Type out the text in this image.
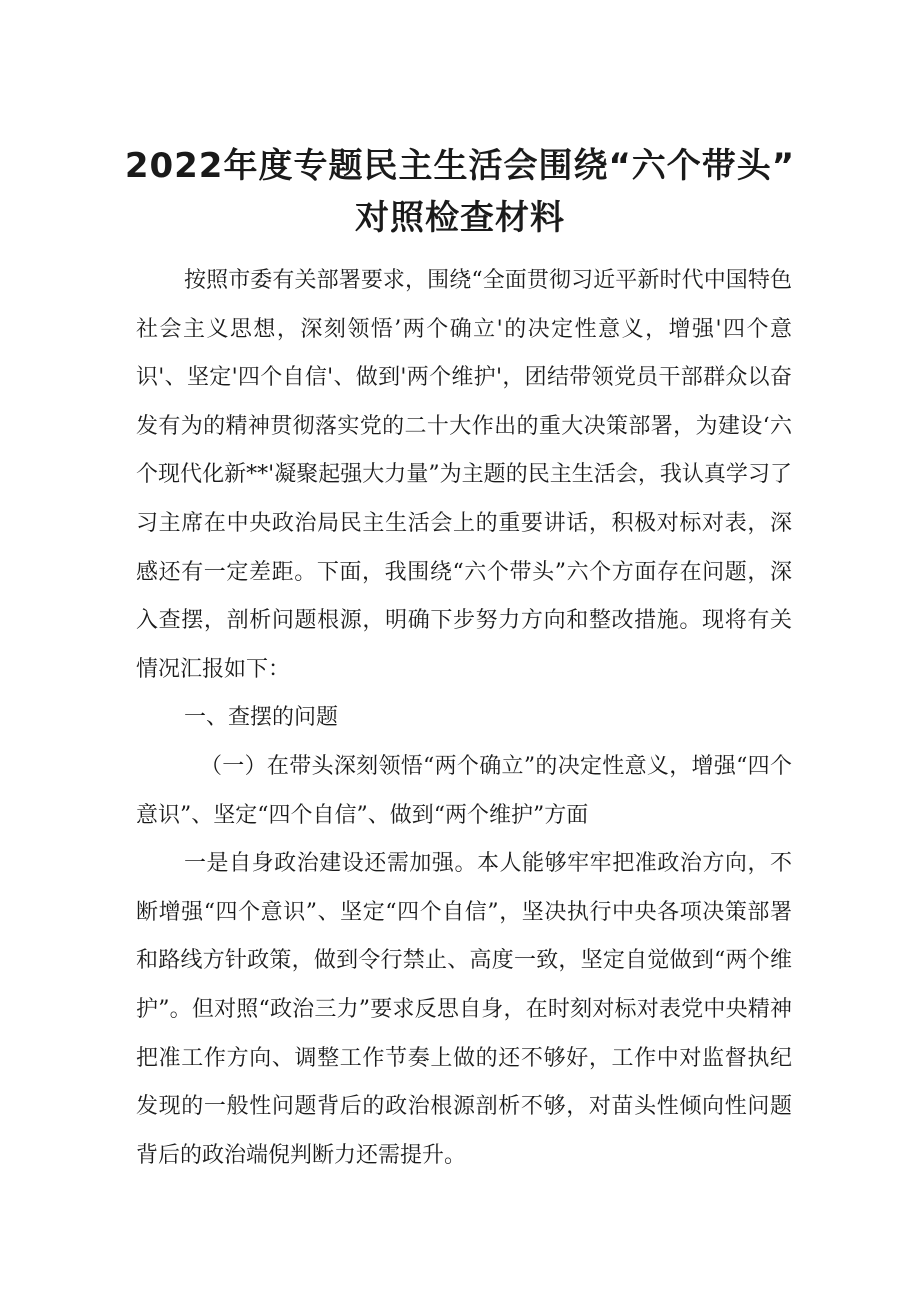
2022年度专题民主生活会围绕“六个带头”
对照检查材料

按照市委有关部署要求，围绕“全面贯彻习近平新时代中国特色社会主义思想，深刻领悟’两个确立'的决定性意义，增强'四个意识'、坚定'四个自信'、做到'两个维护'，团结带领党员干部群众以奋发有为的精神贯彻落实党的二十大作出的重大决策部署，为建设‘六个现代化新**'凝聚起强大力量”为主题的民主生活会，我认真学习了习主席在中央政治局民主生活会上的重要讲话，积极对标对表，深感还有一定差距。下面，我围绕“六个带头”六个方面存在问题，深入查摆，剖析问题根源，明确下步努力方向和整改措施。现将有关情况汇报如下：

一、查摆的问题

（一）在带头深刻领悟“两个确立”的决定性意义，增强“四个意识”、坚定“四个自信”、做到“两个维护”方面

一是自身政治建设还需加强。本人能够牢牢把准政治方向，不断增强“四个意识”、坚定“四个自信”，坚决执行中央各项决策部署和路线方针政策，做到令行禁止、高度一致，坚定自觉做到“两个维护”。但对照“政治三力”要求反思自身，在时刻对标对表党中央精神把准工作方向、调整工作节奏上做的还不够好，工作中对监督执纪发现的一般性问题背后的政治根源剖析不够，对苗头性倾向性问题背后的政治端倪判断力还需提升。
